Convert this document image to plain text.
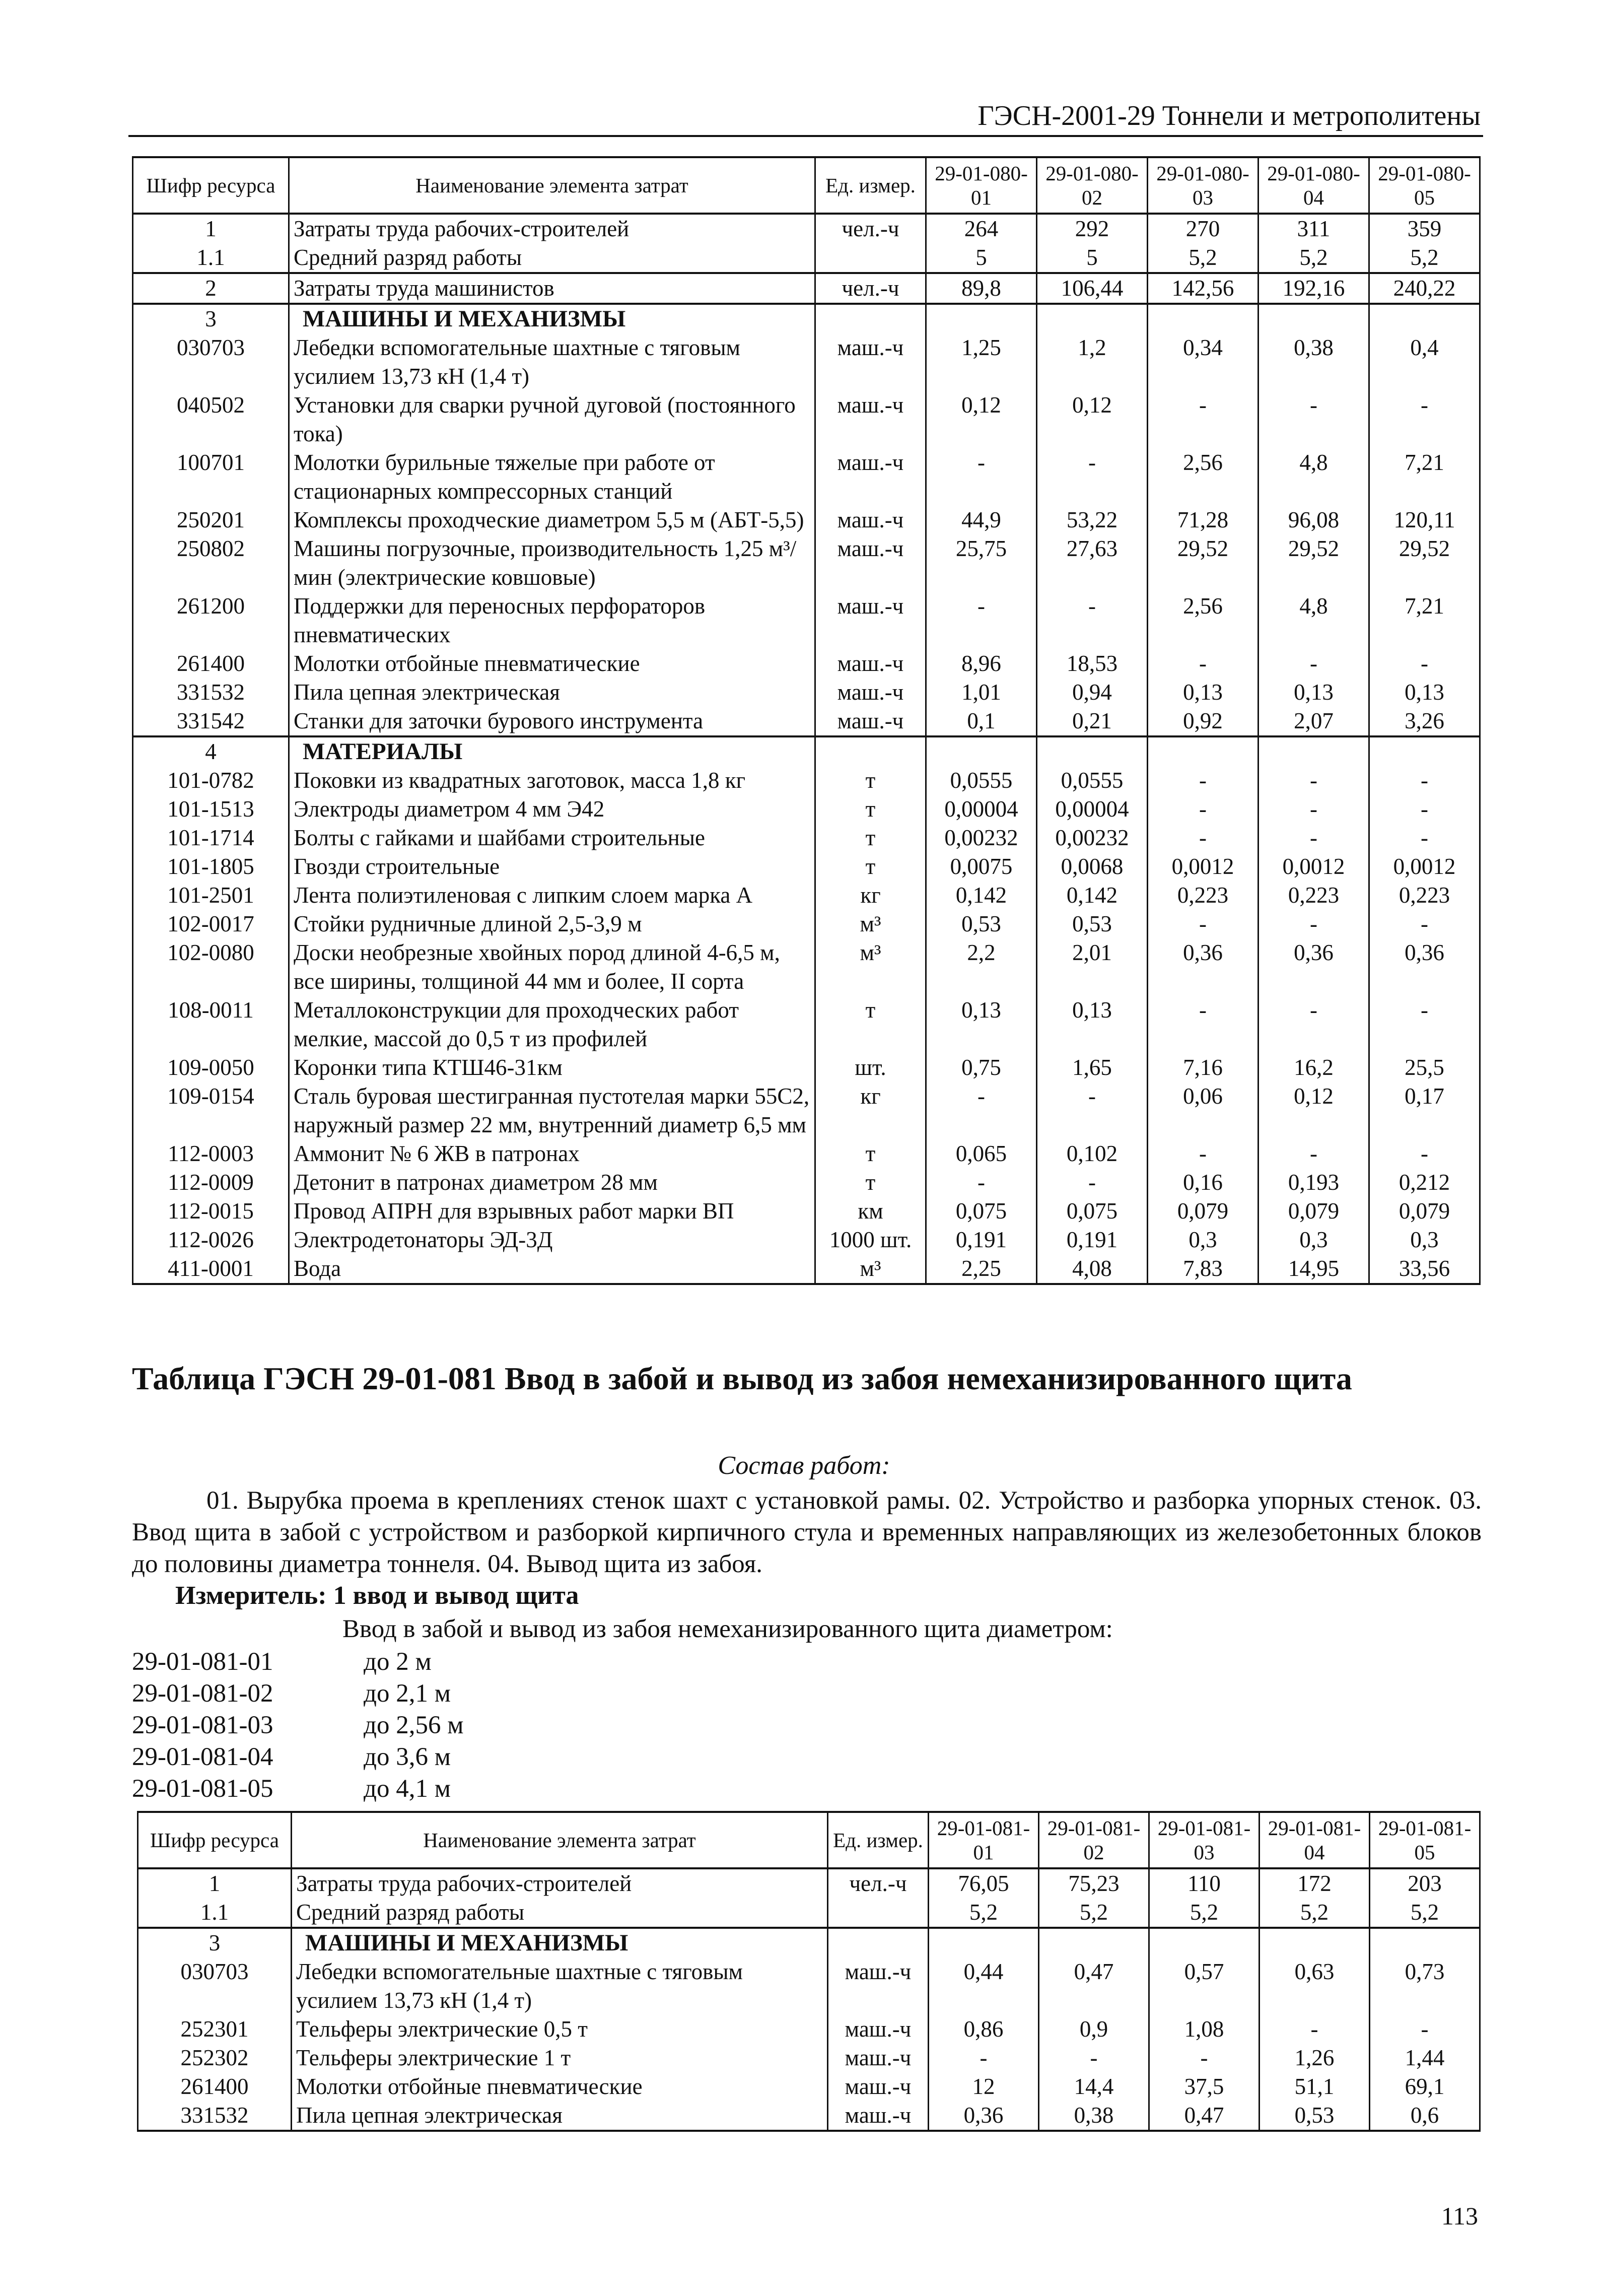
ГЭСН-2001-29 Тоннели и метрополитены
Шифр ресурса	Наименование элемента затрат	Ед. измер.	29-01-080-01	29-01-080-02	29-01-080-03	29-01-080-04	29-01-080-05
1	Затраты труда рабочих-строителей	чел.-ч	264	292	270	311	359
1.1	Средний разряд работы		5	5	5,2	5,2	5,2
2	Затраты труда машинистов	чел.-ч	89,8	106,44	142,56	192,16	240,22
3	МАШИНЫ И МЕХАНИЗМЫ						
030703	Лебедки вспомогательные шахтные с тяговым усилием 13,73 кН (1,4 т)	маш.-ч	1,25	1,2	0,34	0,38	0,4
040502	Установки для сварки ручной дуговой (постоянного тока)	маш.-ч	0,12	0,12	-	-	-
100701	Молотки бурильные тяжелые при работе от стационарных компрессорных станций	маш.-ч	-	-	2,56	4,8	7,21
250201	Комплексы проходческие диаметром 5,5 м (АБТ-5,5)	маш.-ч	44,9	53,22	71,28	96,08	120,11
250802	Машины погрузочные, производительность 1,25 м³/мин (электрические ковшовые)	маш.-ч	25,75	27,63	29,52	29,52	29,52
261200	Поддержки для переносных перфораторов пневматических	маш.-ч	-	-	2,56	4,8	7,21
261400	Молотки отбойные пневматические	маш.-ч	8,96	18,53	-	-	-
331532	Пила цепная электрическая	маш.-ч	1,01	0,94	0,13	0,13	0,13
331542	Станки для заточки бурового инструмента	маш.-ч	0,1	0,21	0,92	2,07	3,26
4	МАТЕРИАЛЫ						
101-0782	Поковки из квадратных заготовок, масса 1,8 кг	т	0,0555	0,0555	-	-	-
101-1513	Электроды диаметром 4 мм Э42	т	0,00004	0,00004	-	-	-
101-1714	Болты с гайками и шайбами строительные	т	0,00232	0,00232	-	-	-
101-1805	Гвозди строительные	т	0,0075	0,0068	0,0012	0,0012	0,0012
101-2501	Лента полиэтиленовая с липким слоем марка А	кг	0,142	0,142	0,223	0,223	0,223
102-0017	Стойки рудничные длиной 2,5-3,9 м	м³	0,53	0,53	-	-	-
102-0080	Доски необрезные хвойных пород длиной 4-6,5 м, все ширины, толщиной 44 мм и более, II сорта	м³	2,2	2,01	0,36	0,36	0,36
108-0011	Металлоконструкции для проходческих работ мелкие, массой до 0,5 т из профилей	т	0,13	0,13	-	-	-
109-0050	Коронки типа КТШ46-31км	шт.	0,75	1,65	7,16	16,2	25,5
109-0154	Сталь буровая шестигранная пустотелая марки 55С2, наружный размер 22 мм, внутренний диаметр 6,5 мм	кг	-	-	0,06	0,12	0,17
112-0003	Аммонит № 6 ЖВ в патронах	т	0,065	0,102	-	-	-
112-0009	Детонит в патронах диаметром 28 мм	т	-	-	0,16	0,193	0,212
112-0015	Провод АПРН для взрывных работ марки ВП	км	0,075	0,075	0,079	0,079	0,079
112-0026	Электродетонаторы ЭД-3Д	1000 шт.	0,191	0,191	0,3	0,3	0,3
411-0001	Вода	м³	2,25	4,08	7,83	14,95	33,56
Таблица ГЭСН 29-01-081 Ввод в забой и вывод из забоя немеханизированного щита
Состав работ:
01. Вырубка проема в креплениях стенок шахт с установкой рамы. 02. Устройство и разборка упорных стенок. 03. Ввод щита в забой с устройством и разборкой кирпичного стула и временных направляющих из железобетонных блоков до половины диаметра тоннеля. 04. Вывод щита из забоя.
Измеритель: 1 ввод и вывод щита
Ввод в забой и вывод из забоя немеханизированного щита диаметром:
29-01-081-01	до 2 м
29-01-081-02	до 2,1 м
29-01-081-03	до 2,56 м
29-01-081-04	до 3,6 м
29-01-081-05	до 4,1 м
Шифр ресурса	Наименование элемента затрат	Ед. измер.	29-01-081-01	29-01-081-02	29-01-081-03	29-01-081-04	29-01-081-05
1	Затраты труда рабочих-строителей	чел.-ч	76,05	75,23	110	172	203
1.1	Средний разряд работы		5,2	5,2	5,2	5,2	5,2
3	МАШИНЫ И МЕХАНИЗМЫ						
030703	Лебедки вспомогательные шахтные с тяговым усилием 13,73 кН (1,4 т)	маш.-ч	0,44	0,47	0,57	0,63	0,73
252301	Тельферы электрические 0,5 т	маш.-ч	0,86	0,9	1,08	-	-
252302	Тельферы электрические 1 т	маш.-ч	-	-	-	1,26	1,44
261400	Молотки отбойные пневматические	маш.-ч	12	14,4	37,5	51,1	69,1
331532	Пила цепная электрическая	маш.-ч	0,36	0,38	0,47	0,53	0,6
113
